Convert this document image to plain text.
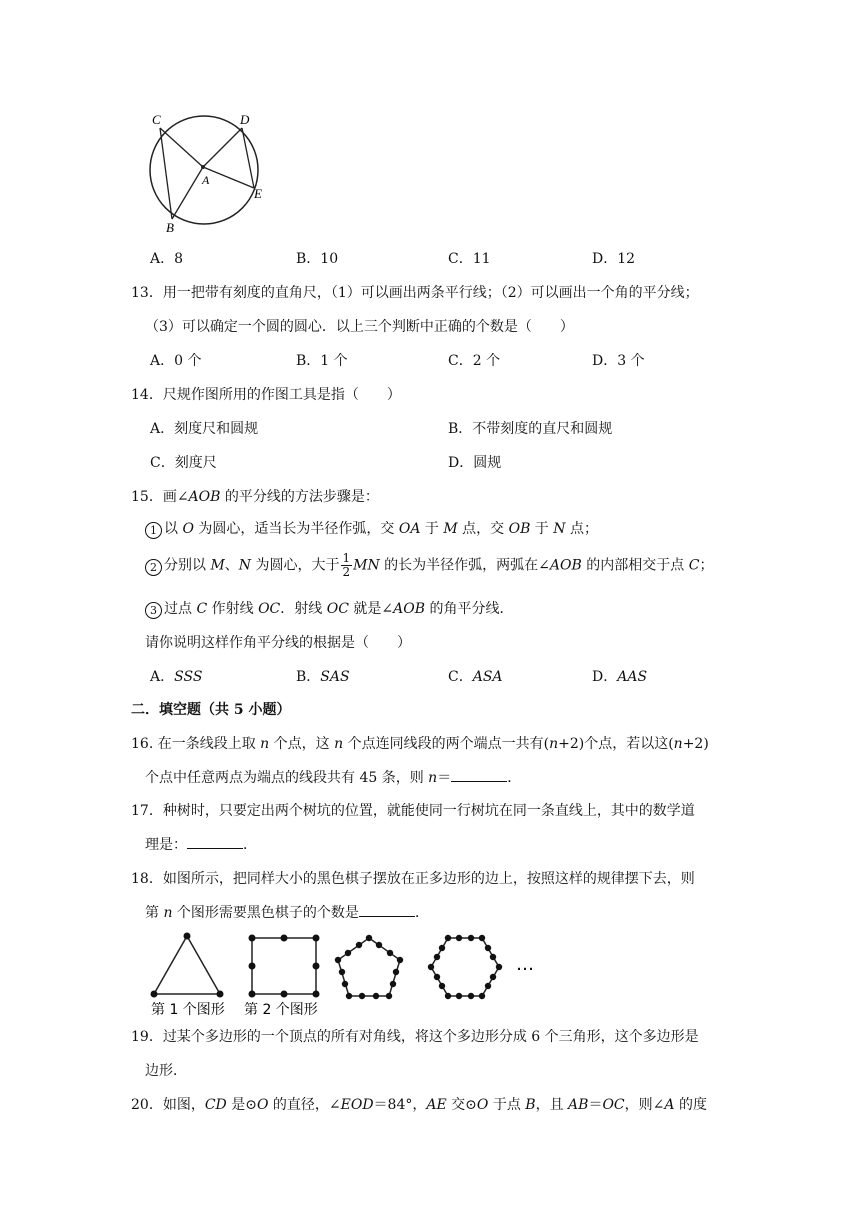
C	D
A
E
B
A．8	B．10	C．11	D．12
13．用一把带有刻度的直角尺，（1）可以画出两条平行线；（2）可以画出一个角的平分线；
（3）可以确定一个圆的圆心．以上三个判断中正确的个数是（　　）
A．0 个	B．1 个	C．2 个	D．3 个
14．尺规作图所用的作图工具是指（　　）
A．刻度尺和圆规	B．不带刻度的直尺和圆规
C．刻度尺	D．圆规
15．画∠AOB 的平分线的方法步骤是：
1 以 O 为圆心，适当长为半径作弧，交 OA 于 M 点，交 OB 于 N 点；
2 分别以 M、N 为圆心，大于 $\frac{1}{2}$ MN 的长为半径作弧，两弧在∠AOB 的内部相交于点 C；
3 过点 C 作射线 OC．射线 OC 就是∠AOB 的角平分线．
请你说明这样作角平分线的根据是（　　）
A．SSS	B．SAS	C．ASA	D．AAS
二．填空题（共 5 小题）
16. 在一条线段上取 n 个点，这 n 个点连同线段的两个端点一共有(n+2)个点，若以这(n+2)
个点中任意两点为端点的线段共有 45 条，则 n＝	．
17．种树时，只要定出两个树坑的位置，就能使同一行树坑在同一条直线上，其中的数学道
理是：	．
18．如图所示，把同样大小的黑色棋子摆放在正多边形的边上，按照这样的规律摆下去，则
第 n 个图形需要黑色棋子的个数是	．
…
第 1 个图形 第 2 个图形
19．过某个多边形的一个顶点的所有对角线，将这个多边形分成 6 个三角形，这个多边形是
边形．
20．如图，CD 是⊙O 的直径，∠EOD＝84°，AE 交⊙O 于点 B，且 AB＝OC，则∠A 的度
